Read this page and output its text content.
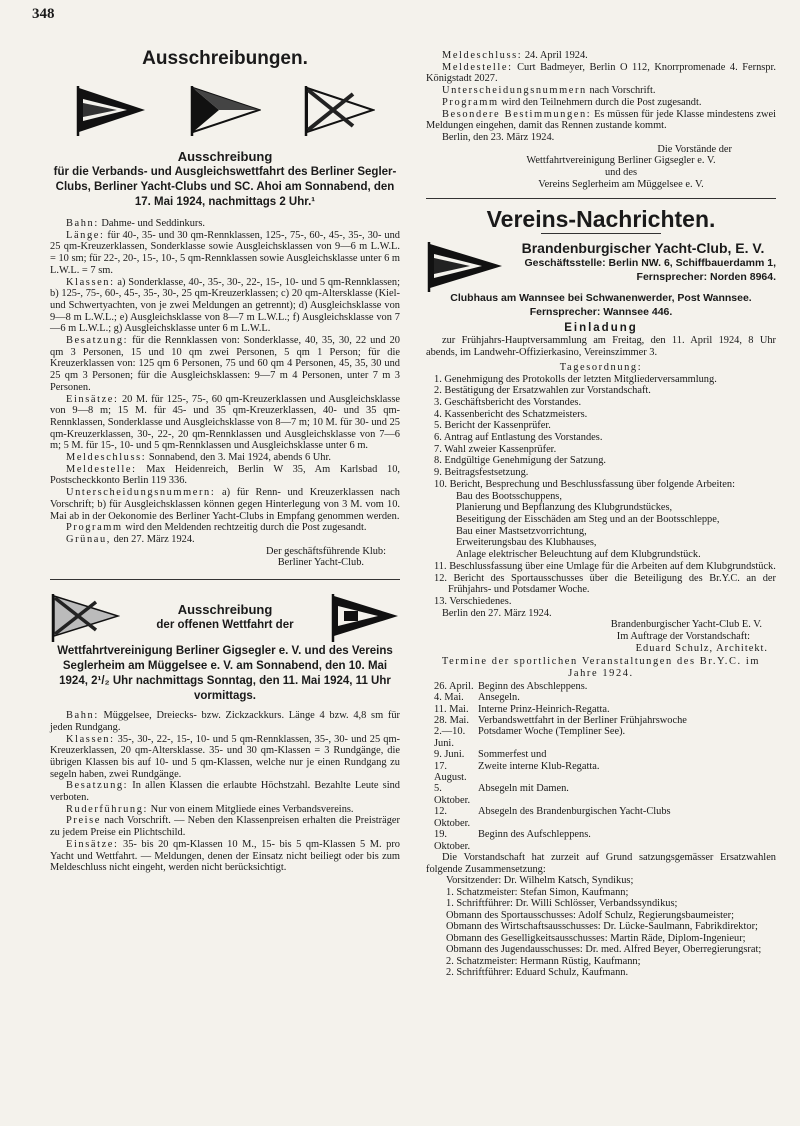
348
Ausschreibungen.
Ausschreibung
für die Verbands- und Ausgleichswettfahrt des Berliner Segler-Clubs, Berliner Yacht-Clubs und SC. Ahoi am Sonnabend, den 17. Mai 1924, nachmittags 2 Uhr.¹

Bahn: Dahme- und Seddinkurs.

Länge: für 40-, 35- und 30 qm-Rennklassen, 125-, 75-, 60-, 45-, 35-, 30- und 25 qm-Kreuzerklassen, Sonderklasse sowie Ausgleichsklassen von 9—6 m L.W.L. = 10 sm; für 22-, 20-, 15-, 10-, 5 qm-Rennklassen sowie Ausgleichsklasse unter 6 m L.W.L. = 7 sm.

Klassen: a) Sonderklasse, 40-, 35-, 30-, 22-, 15-, 10- und 5 qm-Rennklassen; b) 125-, 75-, 60-, 45-, 35-, 30-, 25 qm-Kreuzerklassen; c) 20 qm-Altersklasse (Kiel- und Schwertyachten, von je zwei Meldungen an getrennt); d) Ausgleichsklasse von 9—8 m L.W.L.; e) Ausgleichsklasse von 8—7 m L.W.L.; f) Ausgleichsklasse von 7—6 m L.W.L.; g) Ausgleichsklasse unter 6 m L.W.L.

Besatzung: für die Rennklassen von: Sonderklasse, 40, 35, 30, 22 und 20 qm 3 Personen, 15 und 10 qm zwei Personen, 5 qm 1 Person; für die Kreuzerklassen von: 125 qm 6 Personen, 75 und 60 qm 4 Personen, 45, 35, 30 und 25 qm 3 Personen; für die Ausgleichsklassen: 9—7 m 4 Personen, unter 7 m 3 Personen.

Einsätze: 20 M. für 125-, 75-, 60 qm-Kreuzerklassen und Ausgleichsklasse von 9—8 m; 15 M. für 45- und 35 qm-Kreuzerklassen, 40- und 35 qm-Rennklassen, Sonderklasse und Ausgleichsklasse von 8—7 m; 10 M. für 30- und 25 qm-Kreuzerklassen, 30-, 22-, 20 qm-Rennklassen und Ausgleichsklasse von 7—6 m; 5 M. für 15-, 10- und 5 qm-Rennklassen und Ausgleichsklasse unter 6 m.

Meldeschluss: Sonnabend, den 3. Mai 1924, abends 6 Uhr.

Meldestelle: Max Heidenreich, Berlin W 35, Am Karlsbad 10, Postscheckkonto Berlin 119 336.

Unterscheidungsnummern: a) für Renn- und Kreuzerklassen nach Vorschrift; b) für Ausgleichsklassen können gegen Hinterlegung von 3 M. vom 10. Mai ab in der Oekonomie des Berliner Yacht-Clubs in Empfang genommen werden.

Programm wird den Meldenden rechtzeitig durch die Post zugesandt.

Grünau, den 27. März 1924.

Der geschäftsführende Klub:

Berliner Yacht-Club.

Ausschreibung
der offenen Wettfahrt der
Wettfahrtvereinigung Berliner Gigsegler e. V. und des Vereins Seglerheim am Müggelsee e. V. am Sonnabend, den 10. Mai 1924, 2¹/₂ Uhr nachmittags Sonntag, den 11. Mai 1924, 11 Uhr vormittags.

Bahn: Müggelsee, Dreiecks- bzw. Zickzackkurs. Länge 4 bzw. 4,8 sm für jeden Rundgang.

Klassen: 35-, 30-, 22-, 15-, 10- und 5 qm-Rennklassen, 35-, 30- und 25 qm-Kreuzerklassen, 20 qm-Altersklasse. 35- und 30 qm-Klassen = 3 Rundgänge, die übrigen Klassen bis auf 10- und 5 qm-Klassen, welche nur je einen Rundgang zu segeln haben, zwei Rundgänge.

Besatzung: In allen Klassen die erlaubte Höchstzahl. Bezahlte Leute sind verboten.

Ruderführung: Nur von einem Mitgliede eines Verbandsvereins.

Preise nach Vorschrift. — Neben den Klassenpreisen erhalten die Preisträger zu jedem Preise ein Plichtschild.

Einsätze: 35- bis 20 qm-Klassen 10 M., 15- bis 5 qm-Klassen 5 M. pro Yacht und Wettfahrt. — Meldungen, denen der Einsatz nicht beiliegt oder bis zum Meldeschluss nicht eingeht, werden nicht berücksichtigt.

Meldeschluss: 24. April 1924.

Meldestelle: Curt Badmeyer, Berlin O 112, Knorrpromenade 4. Fernspr. Königstadt 2027.

Unterscheidungsnummern nach Vorschrift.

Programm wird den Teilnehmern durch die Post zugesandt.

Besondere Bestimmungen: Es müssen für jede Klasse mindestens zwei Meldungen eingehen, damit das Rennen zustande kommt.

Berlin, den 23. März 1924.

Die Vorstände der

Wettfahrtvereinigung Berliner Gigsegler e. V.

und des

Vereins Seglerheim am Müggelsee e. V.

Vereins-Nachrichten.
Brandenburgischer Yacht-Club, E. V.
Geschäftsstelle: Berlin NW. 6, Schiffbauerdamm 1, Fernsprecher: Norden 8964.
Clubhaus am Wannsee bei Schwanenwerder, Post Wannsee. Fernsprecher: Wannsee 446.
Einladung

zur Frühjahrs-Hauptversammlung am Freitag, den 11. April 1924, 8 Uhr abends, im Landwehr-Offizierkasino, Vereinszimmer 3.

Tagesordnung:

1. Genehmigung des Protokolls der letzten Mitgliederversammlung.
2. Bestätigung der Ersatzwahlen zur Vorstandschaft.
3. Geschäftsbericht des Vorstandes.
4. Kassenbericht des Schatzmeisters.
5. Bericht der Kassenprüfer.
6. Antrag auf Entlastung des Vorstandes.
7. Wahl zweier Kassenprüfer.
8. Endgültige Genehmigung der Satzung.
9. Beitragsfestsetzung.
10. Bericht, Besprechung und Beschlussfassung über folgende Arbeiten:
Bau des Bootsschuppens,
Planierung und Bepflanzung des Klubgrundstückes,
Beseitigung der Eisschäden am Steg und an der Bootsschleppe,
Bau einer Mastsetzvorrichtung,
Erweiterungsbau des Klubhauses,
Anlage elektrischer Beleuchtung auf dem Klubgrundstück.
11. Beschlussfassung über eine Umlage für die Arbeiten auf dem Klubgrundstück.
12. Bericht des Sportausschusses über die Beteiligung des Br.Y.C. an der Frühjahrs- und Potsdamer Woche.
13. Verschiedenes.

Berlin den 27. März 1924.

Brandenburgischer Yacht-Club E. V.

Im Auftrage der Vorstandschaft:

Eduard Schulz, Architekt.

Termine der sportlichen Veranstaltungen des Br.Y.C. im Jahre 1924.

26. April. Beginn des Abschleppens.
4. Mai.	Ansegeln.
11. Mai. Interne Prinz-Heinrich-Regatta.
28. Mai. Verbandswettfahrt in der Berliner Frühjahrswoche
2.—10. Juni.
Potsdamer Woche (Templiner See).
9. Juni.	Sommerfest und
17. August.
Zweite interne Klub-Regatta.
5. Oktober.
Absegeln mit Damen.
12. Oktober.
Absegeln des Brandenburgischen Yacht-Clubs
19. Oktober.
Beginn des Aufschleppens.

Die Vorstandschaft hat zurzeit auf Grund satzungsgemässer Ersatzwahlen folgende Zusammensetzung:

Vorsitzender: Dr. Wilhelm Katsch, Syndikus;
1. Schatzmeister: Stefan Simon, Kaufmann;
1. Schriftführer: Dr. Willi Schlösser, Verbandssyndikus;
Obmann des Sportausschusses: Adolf Schulz, Regierungsbaumeister;
Obmann des Wirtschaftsausschusses: Dr. Lücke-Saulmann, Fabrikdirektor;
Obmann des Geselligkeitsausschusses: Martin Räde, Diplom-Ingenieur;
Obmann des Jugendausschusses: Dr. med. Alfred Beyer, Oberregierungsrat;
2. Schatzmeister: Hermann Rüstig, Kaufmann;
2. Schriftführer: Eduard Schulz, Kaufmann.
